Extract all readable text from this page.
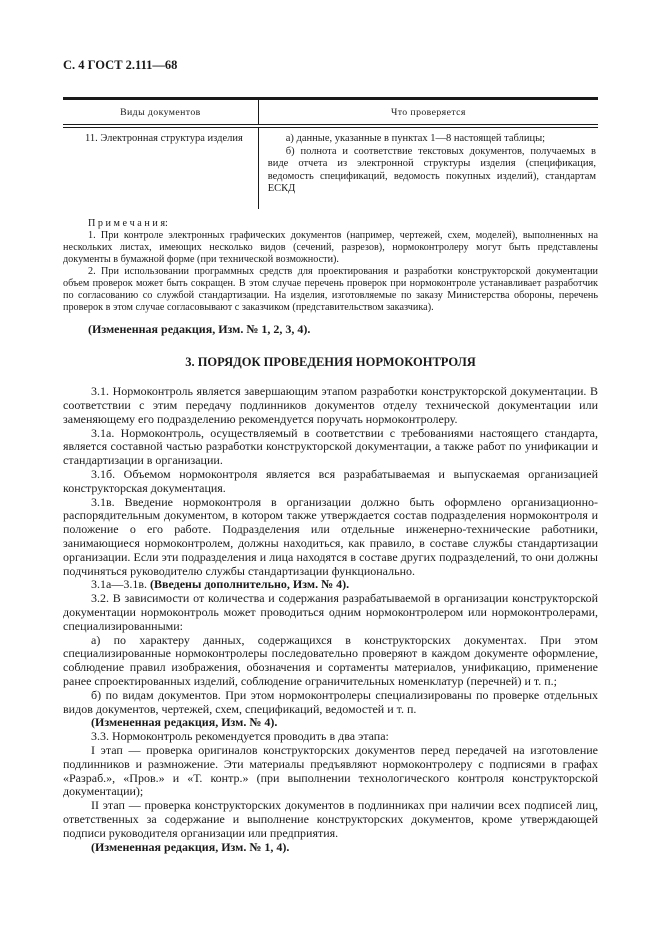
С. 4 ГОСТ 2.111—68

Виды документов	Что проверяется

11. Электронная структура изделия	а) данные, указанные в пунктах 1—8 настоящей таблицы;

б) полнота и соответствие текстовых документов, получаемых в виде отчета из электронной структуры изделия (спецификация, ведомость спецификаций, ведомость покупных изделий), стандартам ЕСКД

П р и м е ч а н и я:

1. При контроле электронных графических документов (например, чертежей, схем, моделей), выполненных на нескольких листах, имеющих несколько видов (сечений, разрезов), нормоконтролеру могут быть представлены документы в бумажной форме (при технической возможности).

2. При использовании программных средств для проектирования и разработки конструкторской документации объем проверок может быть сокращен. В этом случае перечень проверок при нормоконтроле устанавливает разработчик по согласованию со службой стандартизации. На изделия, изготовляемые по заказу Министерства обороны, перечень проверок в этом случае согласовывают с заказчиком (представительством заказчика).

(Измененная редакция, Изм. № 1, 2, 3, 4).

3. ПОРЯДОК ПРОВЕДЕНИЯ НОРМОКОНТРОЛЯ

3.1. Нормоконтроль является завершающим этапом разработки конструкторской документации. В соответствии с этим передачу подлинников документов отделу технической документации или заменяющему его подразделению рекомендуется поручать нормоконтролеру.

3.1а. Нормоконтроль, осуществляемый в соответствии с требованиями настоящего стандарта, является составной частью разработки конструкторской документации, а также работ по унификации и стандартизации в организации.

3.1б. Объемом нормоконтроля является вся разрабатываемая и выпускаемая организацией конструкторская документация.

3.1в. Введение нормоконтроля в организации должно быть оформлено организационно-распорядительным документом, в котором также утверждается состав подразделения нормоконтроля и положение о его работе. Подразделения или отдельные инженерно-технические работники, занимающиеся нормоконтролем, должны находиться, как правило, в составе службы стандартизации организации. Если эти подразделения и лица находятся в составе других подразделений, то они должны подчиняться руководителю службы стандартизации функционально.

3.1а—3.1в. (Введены дополнительно, Изм. № 4).

3.2. В зависимости от количества и содержания разрабатываемой в организации конструкторской документации нормоконтроль может проводиться одним нормоконтролером или нормоконтролерами, специализированными:

а) по характеру данных, содержащихся в конструкторских документах. При этом специализированные нормоконтролеры последовательно проверяют в каждом документе оформление, соблюдение правил изображения, обозначения и сортаменты материалов, унификацию, применение ранее спроектированных изделий, соблюдение ограничительных номенклатур (перечней) и т. п.;

б) по видам документов. При этом нормоконтролеры специализированы по проверке отдельных видов документов, чертежей, схем, спецификаций, ведомостей и т. п.

(Измененная редакция, Изм. № 4).

3.3. Нормоконтроль рекомендуется проводить в два этапа:

I этап — проверка оригиналов конструкторских документов перед передачей на изготовление подлинников и размножение. Эти материалы предъявляют нормоконтролеру с подписями в графах «Разраб.», «Пров.» и «Т. контр.» (при выполнении технологического контроля конструкторской документации);

II этап — проверка конструкторских документов в подлинниках при наличии всех подписей лиц, ответственных за содержание и выполнение конструкторских документов, кроме утверждающей подписи руководителя организации или предприятия.

(Измененная редакция, Изм. № 1, 4).
